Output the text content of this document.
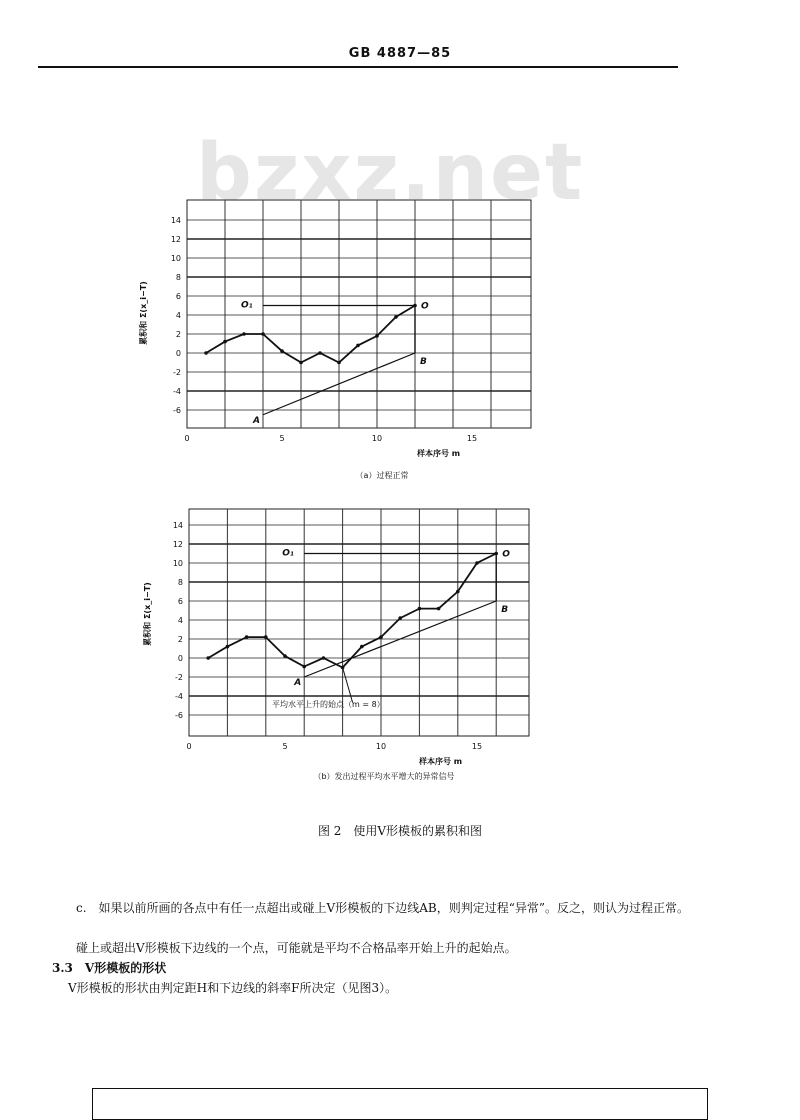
GB 4887—85
bzxz.net
14
12
10
8
6
4
2
0
-2
-4
-6
0	5	10	15
样本序号 m
累积和 Σ(x_i−T)
（a）过程正常
O
O₁
B
A
14
12
10
8
6
4
2
0
-2
-4
-6
0	5	10	15
样本序号 m
累积和 Σ(x_i−T)
（b）发出过程平均水平增大的异常信号
O
O₁
B
A
平均水平上升的始点（m = 8）
图 2　使用V形模板的累积和图
c.　如果以前所画的各点中有任一点超出或碰上V形模板的下边线AB，则判定过程“异常”。反之，则认为过程正常。
碰上或超出V形模板下边线的一个点，可能就是平均不合格品率开始上升的起始点。
3.3　V形模板的形状
V形模板的形状由判定距H和下边线的斜率F所决定（见图3）。
